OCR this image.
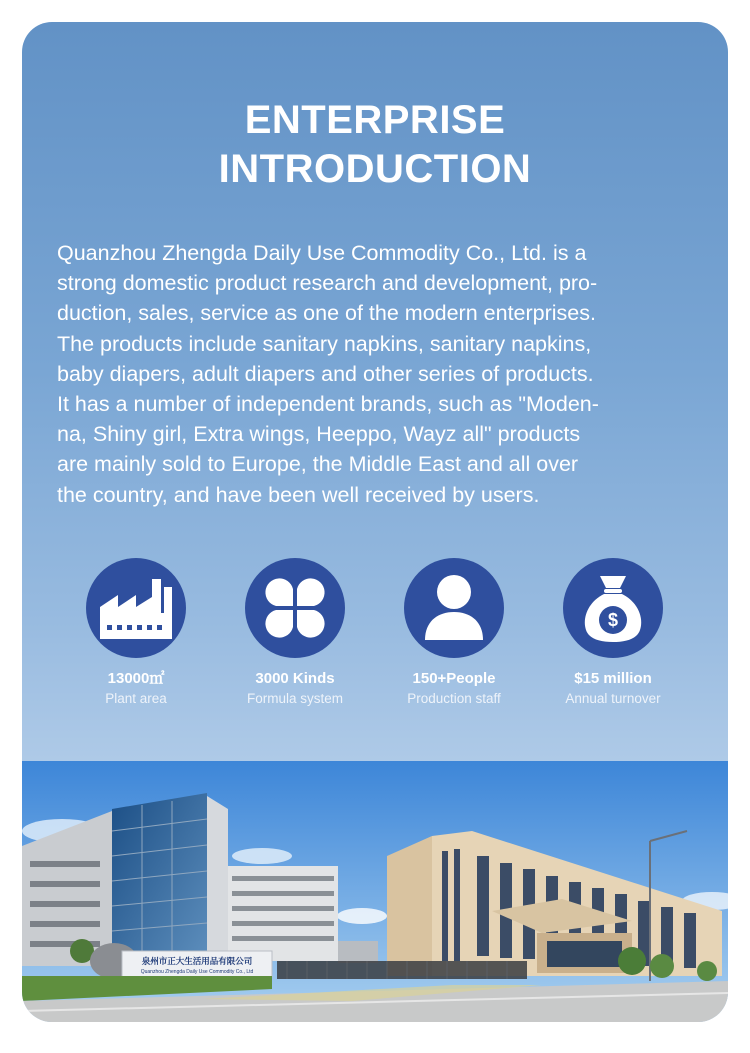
ENTERPRISE
INTRODUCTION

Quanzhou Zhengda Daily Use Commodity Co., Ltd. is a
strong domestic product research and development, pro-
duction, sales, service as one of the modern enterprises.
The products include sanitary napkins, sanitary napkins,
baby diapers, adult diapers and other series of products.
It has a number of independent brands, such as "Moden-
na, Shiny girl, Extra wings, Heeppo, Wayz all" products
are mainly sold to Europe, the Middle East and all over
the country, and have been well received by users.

13000㎡
Plant area
3000 Kinds
Formula system
150+People
Production staff
$
$15 million
Annual turnover
泉州市正大生活用品有限公司
Quanzhou Zhengda Daily Use Commodity Co., Ltd
